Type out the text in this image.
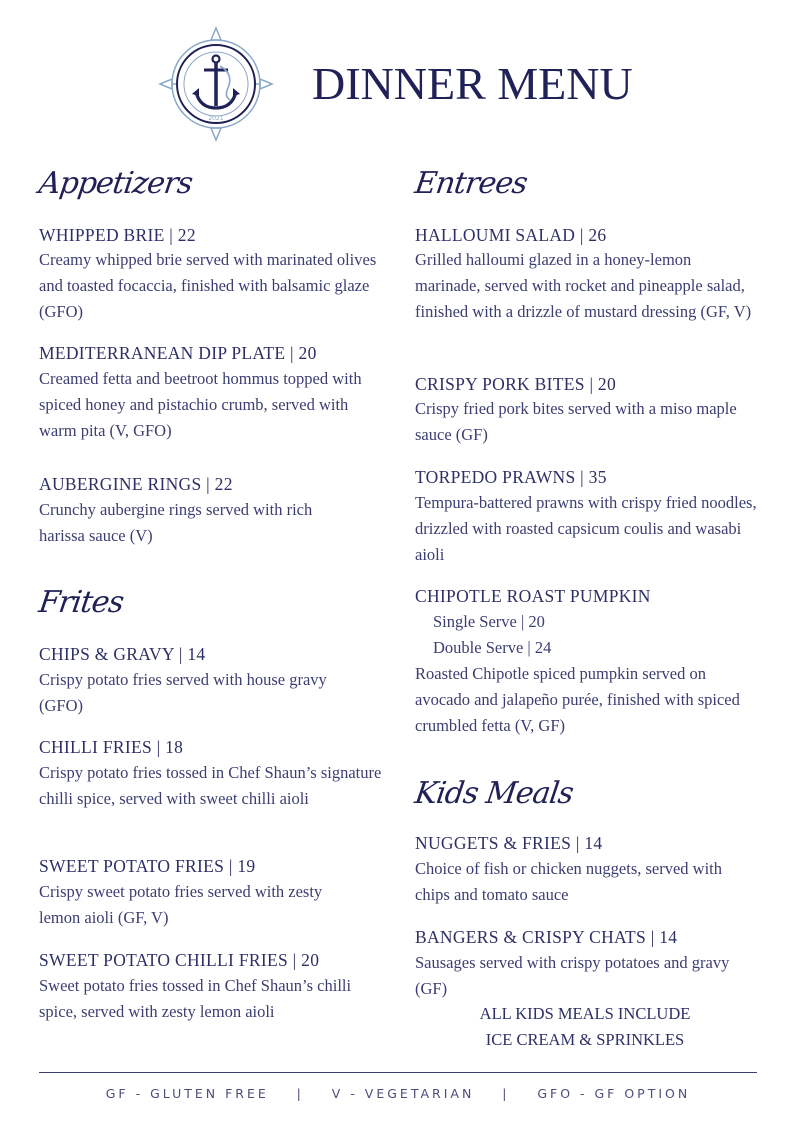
2021
DINNER MENU
Appetizers
WHIPPED BRIE | 22
Creamy whipped brie served with marinated olives and toasted focaccia, finished with balsamic glaze (GFO)
MEDITERRANEAN DIP PLATE | 20
Creamed fetta and beetroot hommus topped with spiced honey and pistachio crumb, served with warm pita (V, GFO)
AUBERGINE RINGS | 22
Crunchy aubergine rings served with rich harissa sauce (V)
Frites
CHIPS & GRAVY | 14
Crispy potato fries served with house gravy (GFO)
CHILLI FRIES | 18
Crispy potato fries tossed in Chef Shaun’s signature chilli spice, served with sweet chilli aioli
SWEET POTATO FRIES | 19
Crispy sweet potato fries served with zesty lemon aioli (GF, V)
SWEET POTATO CHILLI FRIES | 20
Sweet potato fries tossed in Chef Shaun’s chilli spice, served with zesty lemon aioli
Entrees
HALLOUMI SALAD | 26
Grilled halloumi glazed in a honey-lemon marinade, served with rocket and pineapple salad, finished with a drizzle of mustard dressing (GF, V)
CRISPY PORK BITES | 20
Crispy fried pork bites served with a miso maple sauce (GF)
TORPEDO PRAWNS | 35
Tempura-battered prawns with crispy fried noodles, drizzled with roasted capsicum coulis and wasabi aioli
CHIPOTLE ROAST PUMPKIN
Single Serve | 20
Double Serve | 24
Roasted Chipotle spiced pumpkin served on avocado and jalapeño purée, finished with spiced crumbled fetta (V, GF)
Kids Meals
NUGGETS & FRIES | 14
Choice of fish or chicken nuggets, served with chips and tomato sauce
BANGERS & CRISPY CHATS | 14
Sausages served with crispy potatoes and gravy (GF)
ALL KIDS MEALS INCLUDE
ICE CREAM & SPRINKLES
GF - GLUTEN FREE    |    V - VEGETARIAN    |    GFO - GF OPTION
